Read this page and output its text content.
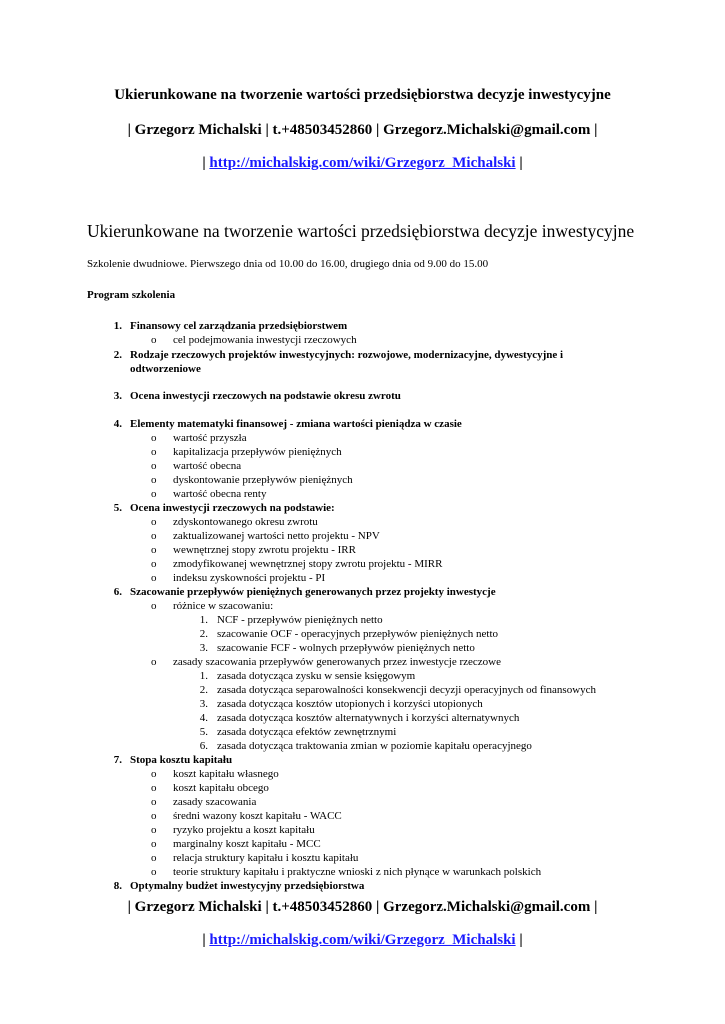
Ukierunkowane na tworzenie wartości przedsiębiorstwa decyzje inwestycyjne
| Grzegorz Michalski | t.+48503452860 | Grzegorz.Michalski@gmail.com |
| http://michalskig.com/wiki/Grzegorz_Michalski |
Ukierunkowane na tworzenie wartości przedsiębiorstwa decyzje inwestycyjne
Szkolenie dwudniowe. Pierwszego dnia od 10.00 do 16.00, drugiego dnia od 9.00 do 15.00
Program szkolenia
1. Finansowy cel zarządzania przedsiębiorstwem
o cel podejmowania inwestycji rzeczowych
2. Rodzaje rzeczowych projektów inwestycyjnych: rozwojowe, modernizacyjne, dywestycyjne i
odtworzeniowe
3. Ocena inwestycji rzeczowych na podstawie okresu zwrotu
4. Elementy matematyki finansowej - zmiana wartości pieniądza w czasie
o wartość przyszła
o kapitalizacja przepływów pieniężnych
o wartość obecna
o dyskontowanie przepływów pieniężnych
o wartość obecna renty
5. Ocena inwestycji rzeczowych na podstawie:
o zdyskontowanego okresu zwrotu
o zaktualizowanej wartości netto projektu - NPV
o wewnętrznej stopy zwrotu projektu - IRR
o zmodyfikowanej wewnętrznej stopy zwrotu projektu - MIRR
o indeksu zyskowności projektu - PI
6. Szacowanie przepływów pieniężnych generowanych przez projekty inwestycje
o różnice w szacowaniu:
1. NCF - przepływów pieniężnych netto
2. szacowanie OCF - operacyjnych przepływów pieniężnych netto
3. szacowanie FCF - wolnych przepływów pieniężnych netto
o zasady szacowania przepływów generowanych przez inwestycje rzeczowe
1. zasada dotycząca zysku w sensie księgowym
2. zasada dotycząca separowalności konsekwencji decyzji operacyjnych od finansowych
3. zasada dotycząca kosztów utopionych i korzyści utopionych
4. zasada dotycząca kosztów alternatywnych i korzyści alternatywnych
5. zasada dotycząca efektów zewnętrznymi
6. zasada dotycząca traktowania zmian w poziomie kapitału operacyjnego
7. Stopa kosztu kapitału
o koszt kapitału własnego
o koszt kapitału obcego
o zasady szacowania
o średni wazony koszt kapitału - WACC
o ryzyko projektu a koszt kapitału
o marginalny koszt kapitału - MCC
o relacja struktury kapitału i kosztu kapitału
o teorie struktury kapitału i praktyczne wnioski z nich płynące w warunkach polskich
8. Optymalny budżet inwestycyjny przedsiębiorstwa
| Grzegorz Michalski | t.+48503452860 | Grzegorz.Michalski@gmail.com |
| http://michalskig.com/wiki/Grzegorz_Michalski |
